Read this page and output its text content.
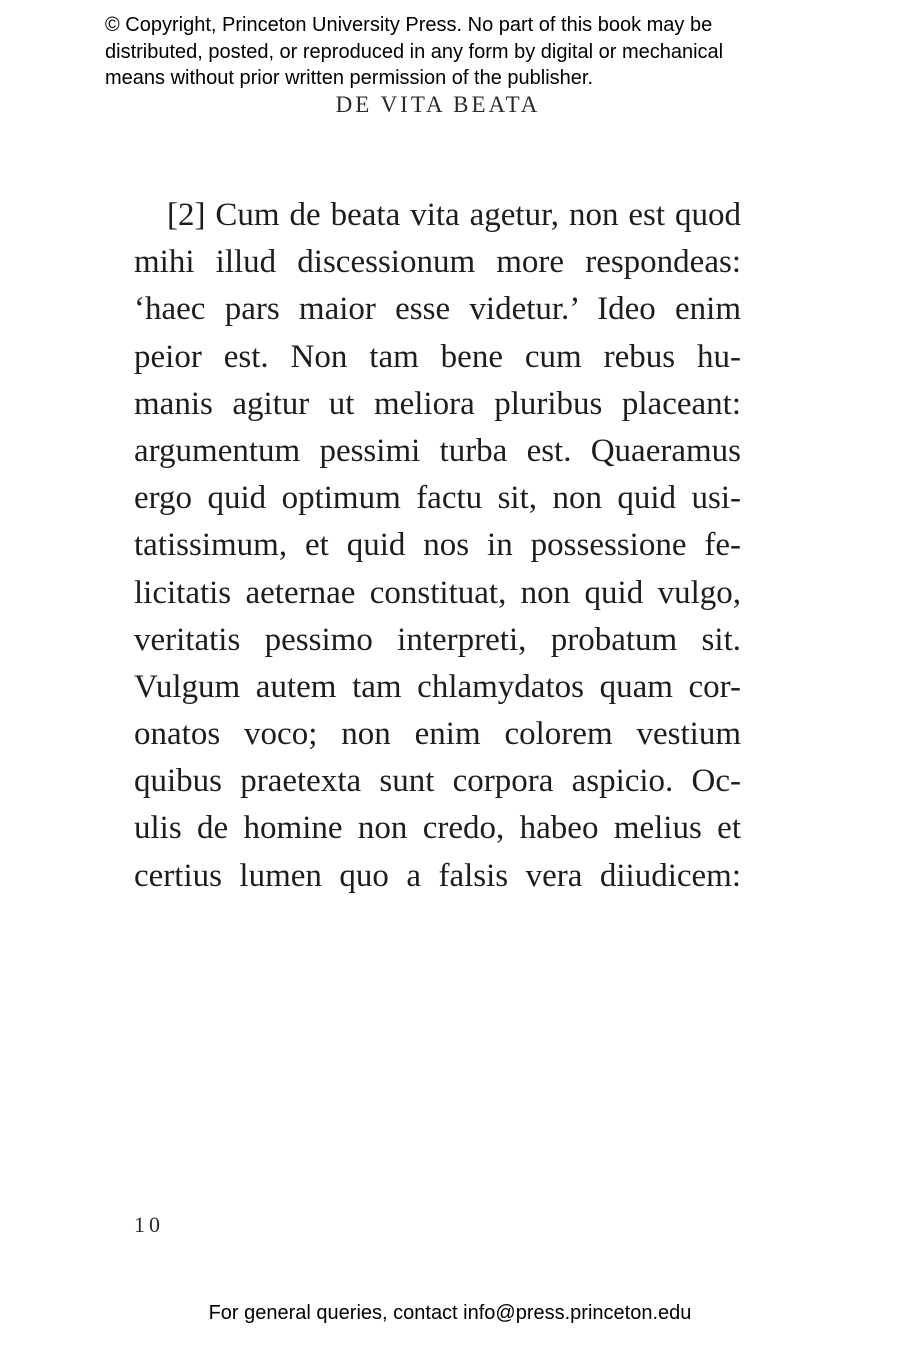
© Copyright, Princeton University Press. No part of this book may be
distributed, posted, or reproduced in any form by digital or mechanical
means without prior written permission of the publisher.
DE VITA BEATA
[2] Cum de beata vita agetur, non est quod
mihi illud discessionum more respondeas:
‘haec pars maior esse videtur.’ Ideo enim
peior est. Non tam bene cum rebus hu-
manis agitur ut meliora pluribus placeant:
argumentum pessimi turba est. Quaeramus
ergo quid optimum factu sit, non quid usi-
tatissimum, et quid nos in possessione fe-
licitatis aeternae constituat, non quid vulgo,
veritatis pessimo interpreti, probatum sit.
Vulgum autem tam chlamydatos quam cor-
onatos voco; non enim colorem vestium
quibus praetexta sunt corpora aspicio. Oc-
ulis de homine non credo, habeo melius et
certius lumen quo a falsis vera diiudicem:
10
For general queries, contact info@press.princeton.edu
